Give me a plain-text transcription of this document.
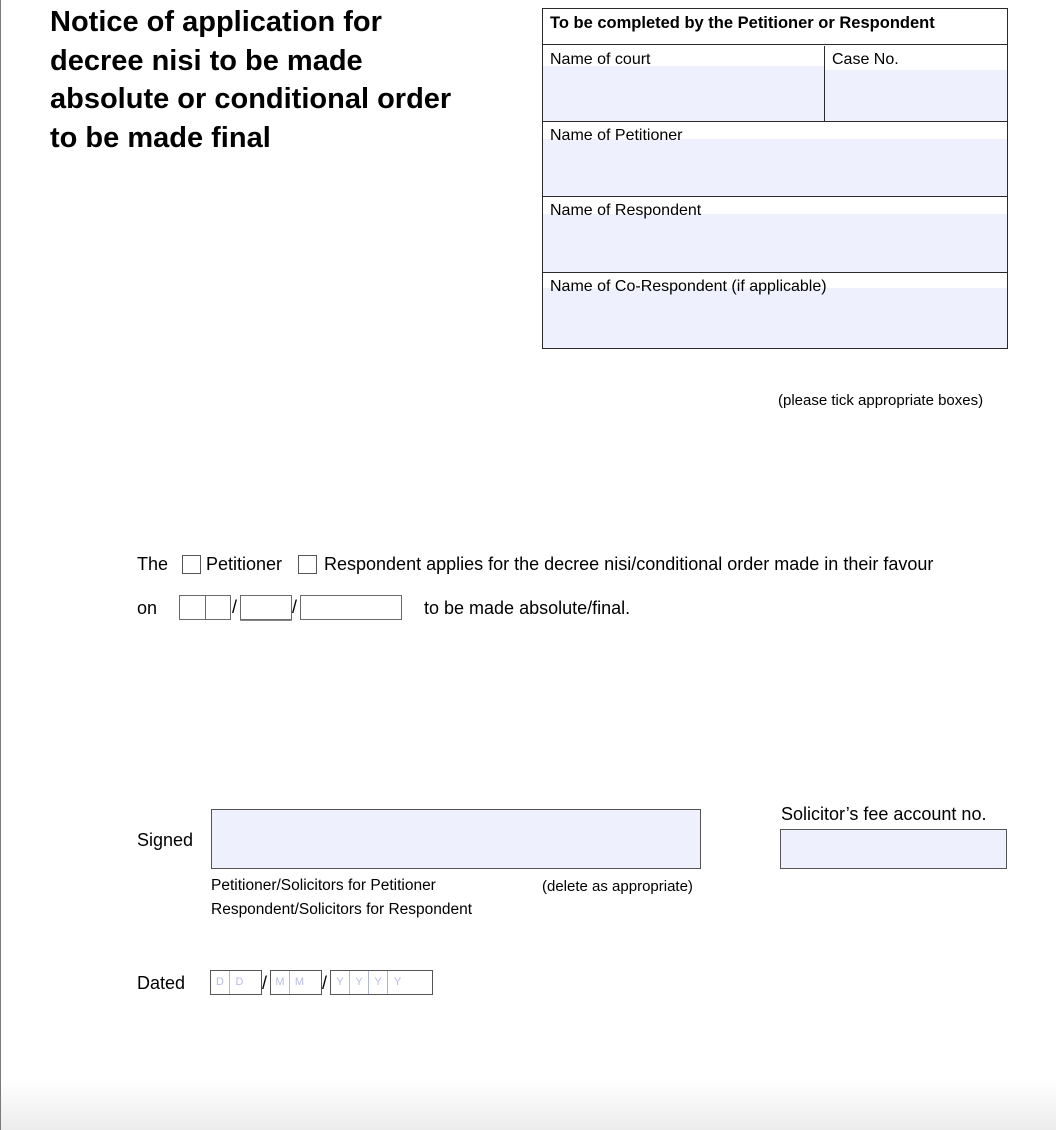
Notice of application for decree nisi to be made absolute or conditional order to be made final
To be completed by the Petitioner or Respondent
Name of court	Case No.
Name of Petitioner
Name of Respondent
Name of Co-Respondent (if applicable)
(please tick appropriate boxes)
The Petitioner Respondent applies for the decree nisi/conditional order made in their favour
on	/	/	to be made absolute/final.
Signed
Solicitor’s fee account no.
Petitioner/Solicitors for Petitioner
Respondent/Solicitors for Respondent
(delete as appropriate)
Dated	D D	/ M M / Y Y Y Y
